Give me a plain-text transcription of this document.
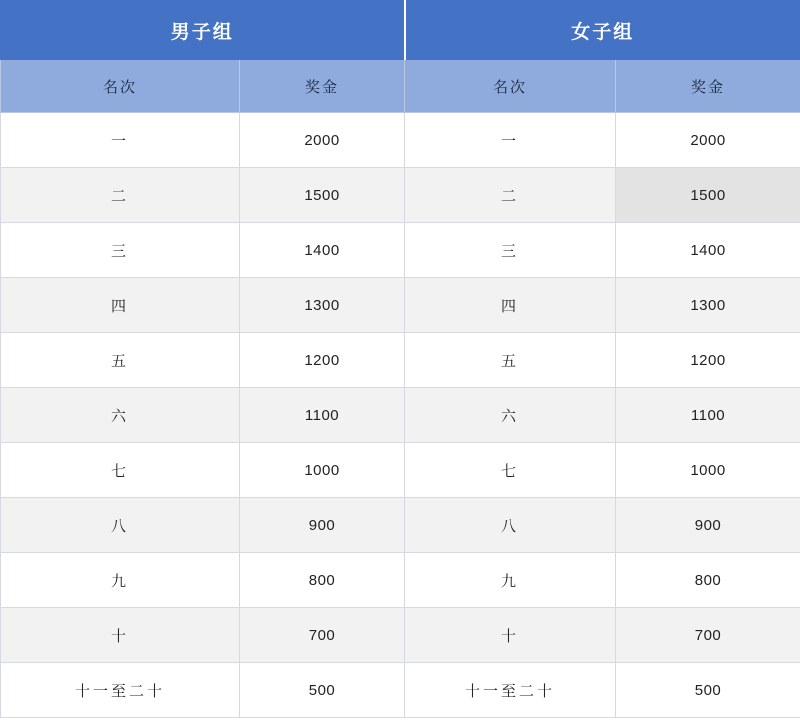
男子组		女子组	
名次	奖金	名次	奖金
一	2000	一	2000
二	1500	二	1500
三	1400	三	1400
四	1300	四	1300
五	1200	五	1200
六	1100	六	1100
七	1000	七	1000
八	900	八	900
九	800	九	800
十	700	十	700
十一至二十	500	十一至二十	500
